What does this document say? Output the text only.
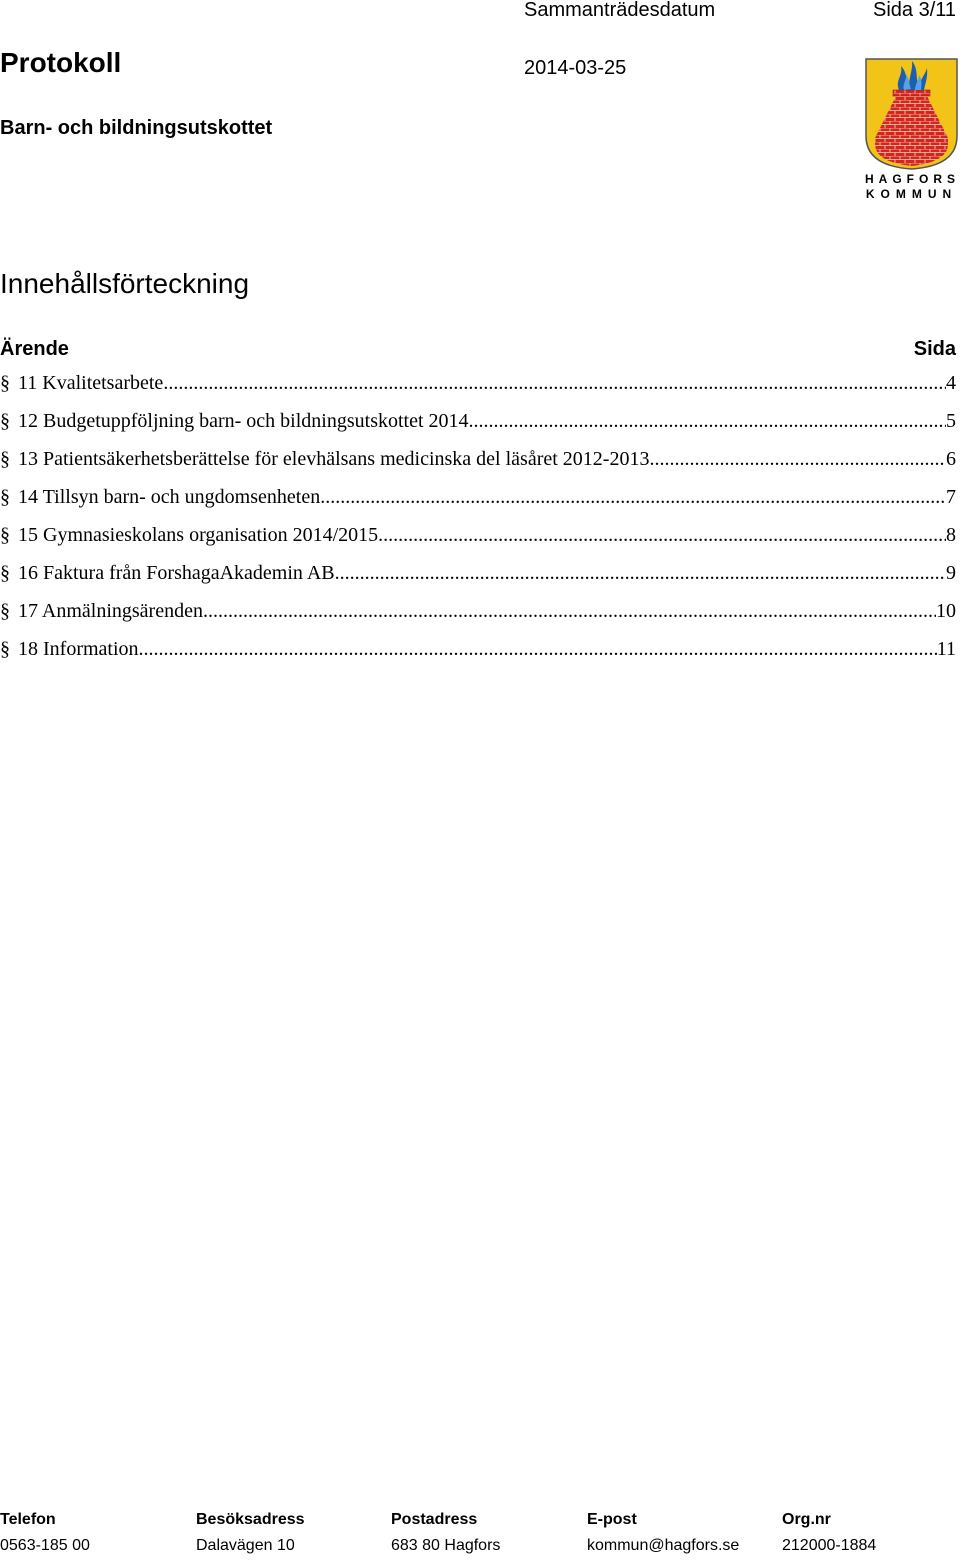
Sammanträdesdatum	Sida 3/11
Protokoll	2014-03-25
Barn- och bildningsutskottet
HAGFORS
KOMMUN
Innehållsförteckning
Ärende	Sida
§ 11 Kvalitetsarbete .....	4
§ 12 Budgetuppföljning barn- och bildningsutskottet 2014 .....	5
§ 13 Patientsäkerhetsberättelse för elevhälsans medicinska del läsåret 2012-2013 .....	6
§ 14 Tillsyn barn- och ungdomsenheten .....	7
§ 15 Gymnasieskolans organisation 2014/2015 .....	8
§ 16 Faktura från ForshagaAkademin AB .....	9
§ 17 Anmälningsärenden .....	10
§ 18 Information .....	11
Telefon
0563-185 00
Besöksadress
Dalavägen 10
Postadress
683 80 Hagfors
E-post
kommun@hagfors.se
Org.nr
212000-1884
